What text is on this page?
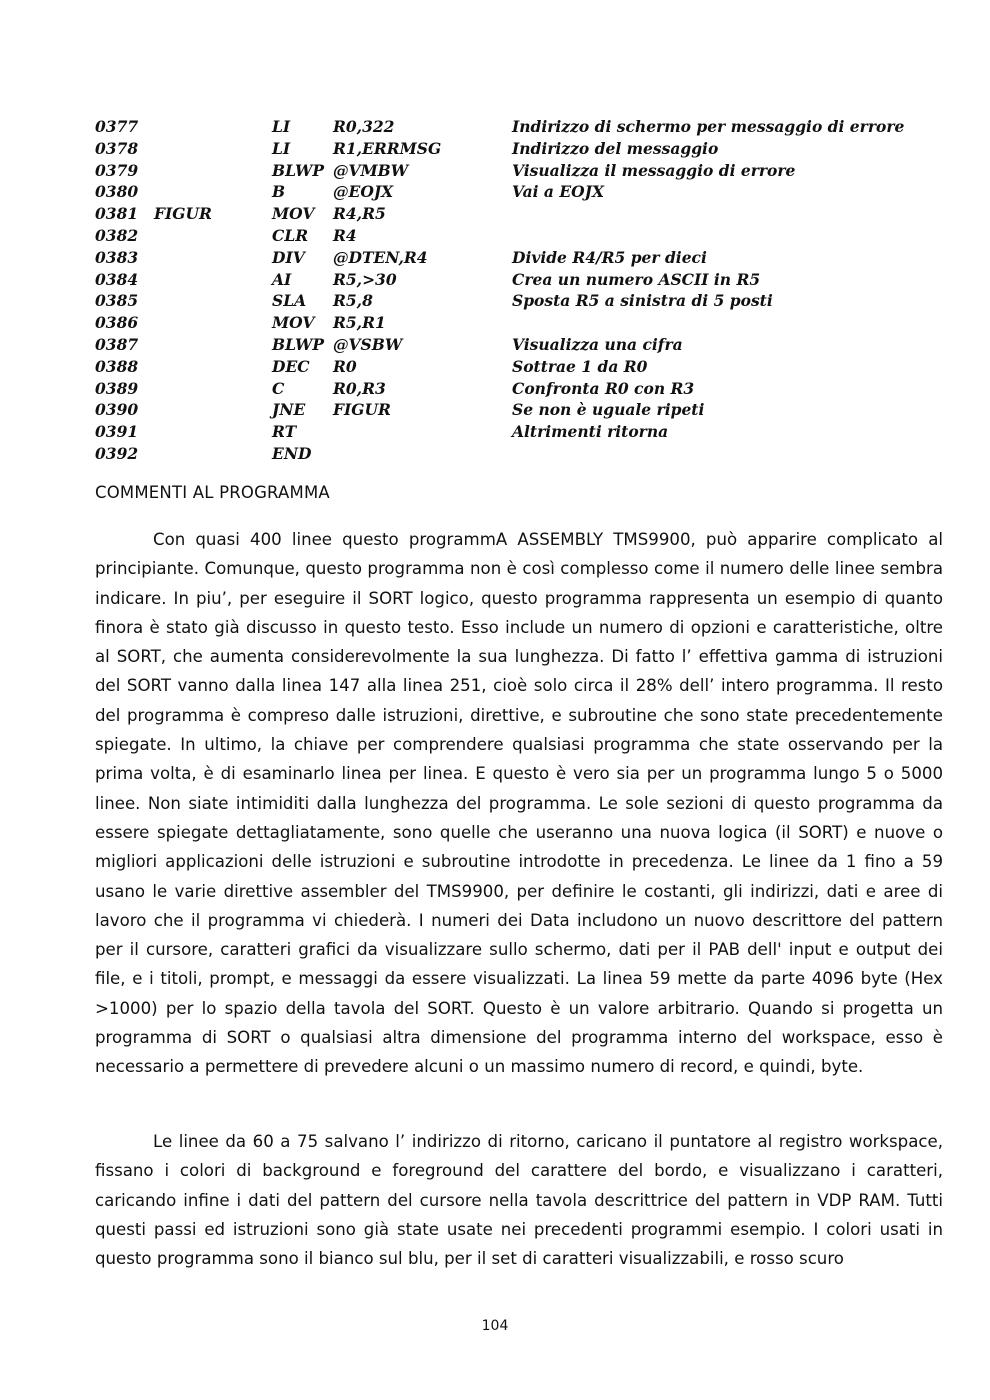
0377		LI	R0,322	Indirizzo di schermo per messaggio di errore
0378		LI	R1,ERRMSG	Indirizzo del messaggio
0379		BLWP	@VMBW	Visualizza il messaggio di errore
0380		B	@EOJX	Vai a EOJX
0381	FIGUR	MOV	R4,R5	
0382		CLR	R4	
0383		DIV	@DTEN,R4	Divide R4/R5 per dieci
0384		AI	R5,>30	Crea un numero ASCII in R5
0385		SLA	R5,8	Sposta R5 a sinistra di 5 posti
0386		MOV	R5,R1	
0387		BLWP	@VSBW	Visualizza una cifra
0388		DEC	R0	Sottrae 1 da R0
0389		C	R0,R3	Confronta R0 con R3
0390		JNE	FIGUR	Se non è uguale ripeti
0391		RT		Altrimenti ritorna
0392		END		
COMMENTI AL PROGRAMMA

Con quasi 400 linee questo programmA ASSEMBLY TMS9900, può apparire complicato al principiante. Comunque, questo programma non è così complesso come il numero delle linee sembra indicare. In piu’, per eseguire il SORT logico, questo programma rappresenta un esempio di quanto finora è stato già discusso in questo testo. Esso include un numero di opzioni e caratteristiche, oltre al SORT, che aumenta considerevolmente la sua lunghezza. Di fatto l’ effettiva gamma di istruzioni del SORT vanno dalla linea 147 alla linea 251, cioè solo circa il 28% dell’ intero programma. Il resto del programma è compreso dalle istruzioni, direttive, e subroutine che sono state precedentemente spiegate. In ultimo, la chiave per comprendere qualsiasi programma che state osservando per la prima volta, è di esaminarlo linea per linea. E questo è vero sia per un programma lungo 5 o 5000 linee. Non siate intimiditi dalla lunghezza del programma. Le sole sezioni di questo programma da essere spiegate dettagliatamente, sono quelle che useranno una nuova logica (il SORT) e nuove o migliori applicazioni delle istruzioni e subroutine introdotte in precedenza. Le linee da 1 fino a 59 usano le varie direttive assembler del TMS9900, per definire le costanti, gli indirizzi, dati e aree di lavoro che il programma vi chiederà. I numeri dei Data includono un nuovo descrittore del pattern per il cursore, caratteri grafici da visualizzare sullo schermo, dati per il PAB dell' input e output dei file, e i titoli, prompt, e messaggi da essere visualizzati. La linea 59 mette da parte 4096 byte (Hex >1000) per lo spazio della tavola del SORT. Questo è un valore arbitrario. Quando si progetta un programma di SORT o qualsiasi altra dimensione del programma interno del workspace, esso è necessario a permettere di prevedere alcuni o un massimo numero di record, e quindi, byte.

Le linee da 60 a 75 salvano l’ indirizzo di ritorno, caricano il puntatore al registro workspace, fissano i colori di background e foreground del carattere del bordo, e visualizzano i caratteri, caricando infine i dati del pattern del cursore nella tavola descrittrice del pattern in VDP RAM. Tutti questi passi ed istruzioni sono già state usate nei precedenti programmi esempio. I colori usati in questo programma sono il bianco sul blu, per il set di caratteri visualizzabili, e rosso scuro

104
